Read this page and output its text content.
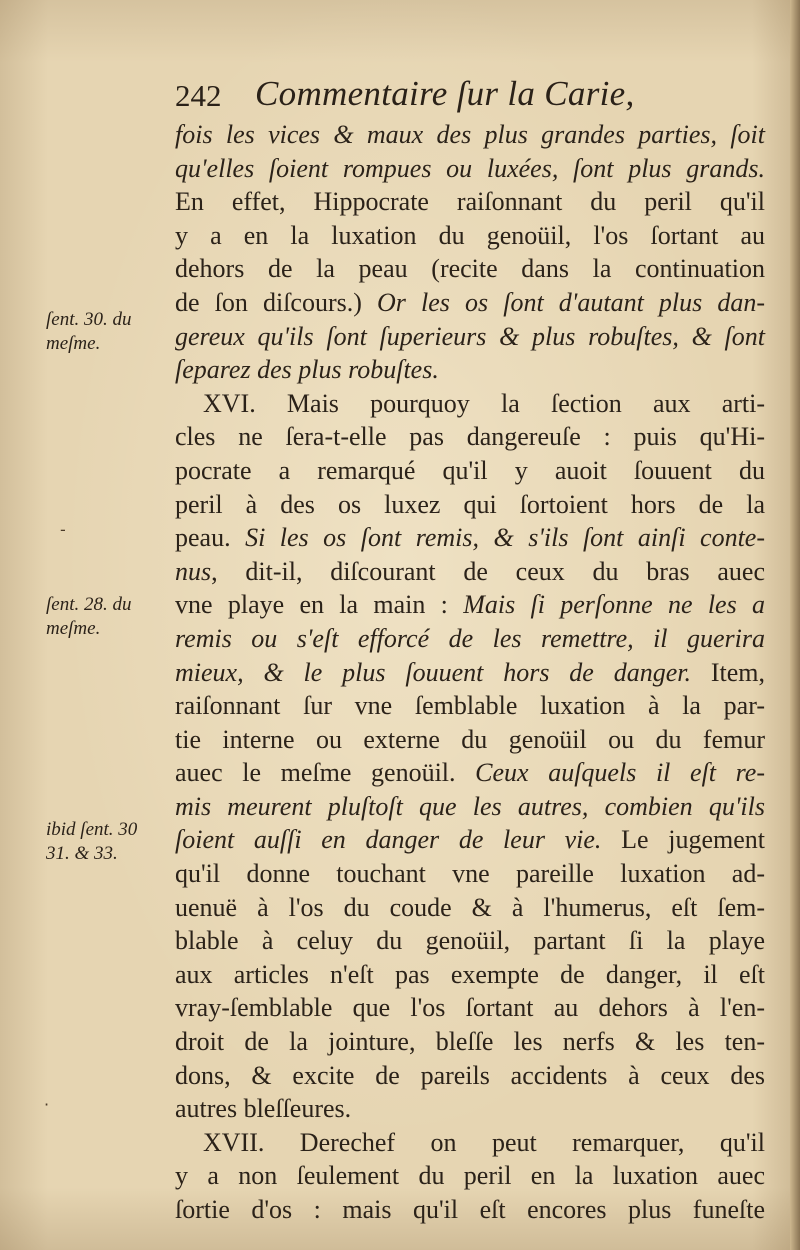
242 Commentaire ſur la Carie,
fois les vices & maux des plus grandes parties, ſoit
qu'elles ſoient rompues ou luxées, ſont plus grands.
En effet, Hippocrate raiſonnant du peril qu'il
y a en la luxation du genoüil, l'os ſortant au
dehors de la peau (recite dans la continuation
de ſon diſcours.) Or les os ſont d'autant plus dan-
gereux qu'ils ſont ſuperieurs & plus robuſtes, & ſont
ſeparez des plus robuſtes.
XVI. Mais pourquoy la ſection aux arti-
cles ne ſera-t-elle pas dangereuſe : puis qu'Hi-
pocrate a remarqué qu'il y auoit ſouuent du
peril à des os luxez qui ſortoient hors de la
peau. Si les os ſont remis, & s'ils ſont ainſi conte-
nus, dit-il, diſcourant de ceux du bras auec
vne playe en la main : Mais ſi perſonne ne les a
remis ou s'eſt efforcé de les remettre, il guerira
mieux, & le plus ſouuent hors de danger. Item,
raiſonnant ſur vne ſemblable luxation à la par-
tie interne ou externe du genoüil ou du femur
auec le meſme genoüil. Ceux auſquels il eſt re-
mis meurent pluſtoſt que les autres, combien qu'ils
ſoient auſſi en danger de leur vie. Le jugement
qu'il donne touchant vne pareille luxation ad-
uenuë à l'os du coude & à l'humerus, eſt ſem-
blable à celuy du genoüil, partant ſi la playe
aux articles n'eſt pas exempte de danger, il eſt
vray-ſemblable que l'os ſortant au dehors à l'en-
droit de la jointure, bleſſe les nerfs & les ten-
dons, & excite de pareils accidents à ceux des
autres bleſſeures.
XVII. Derechef on peut remarquer, qu'il
y a non ſeulement du peril en la luxation auec
ſortie d'os : mais qu'il eſt encores plus funeſte
ſent. 30. du
meſme.
ſent. 28. du
meſme.
ibid ſent. 30
31. & 33.
-
·
